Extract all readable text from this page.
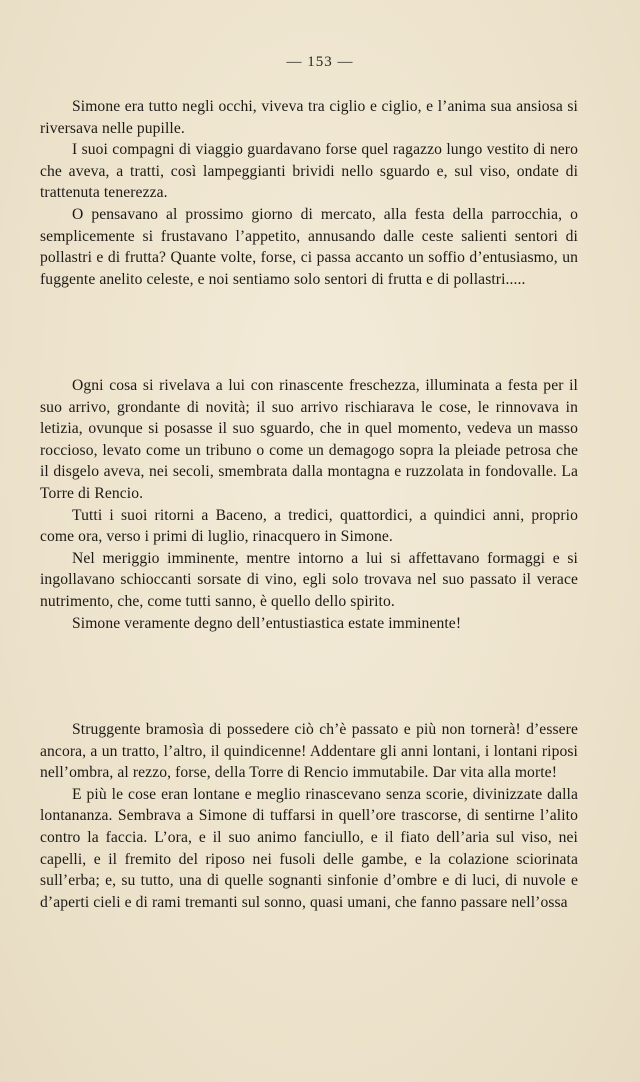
— 153 —

Simone era tutto negli occhi, viveva tra ciglio e ciglio, e l’anima sua ansiosa si riversava nelle pupille.

I suoi compagni di viaggio guardavano forse quel ragazzo lungo vestito di nero che aveva, a tratti, così lampeggianti brividi nello sguardo e, sul viso, ondate di trattenuta tenerezza.

O pensavano al prossimo giorno di mercato, alla festa della parrocchia, o semplicemente si frustavano l’appetito, annusando dalle ceste salienti sentori di pollastri e di frutta? Quante volte, forse, ci passa accanto un soffio d’entusiasmo, un fuggente anelito celeste, e noi sentiamo solo sentori di frutta e di pollastri.....

Ogni cosa si rivelava a lui con rinascente freschezza, illuminata a festa per il suo arrivo, grondante di novità; il suo arrivo rischiarava le cose, le rinnovava in letizia, ovunque si posasse il suo sguardo, che in quel momento, vedeva un masso roccioso, levato come un tribuno o come un demagogo sopra la pleiade petrosa che il disgelo aveva, nei secoli, smembrata dalla montagna e ruzzolata in fondovalle. La Torre di Rencio.

Tutti i suoi ritorni a Baceno, a tredici, quattordici, a quindici anni, proprio come ora, verso i primi di luglio, rinacquero in Simone.

Nel meriggio imminente, mentre intorno a lui si affettavano formaggi e si ingollavano schioccanti sorsate di vino, egli solo trovava nel suo passato il verace nutrimento, che, come tutti sanno, è quello dello spirito.

Simone veramente degno dell’entustiastica estate imminente!

Struggente bramosìa di possedere ciò ch’è passato e più non tornerà! d’essere ancora, a un tratto, l’altro, il quindicenne! Addentare gli anni lontani, i lontani riposi nell’ombra, al rezzo, forse, della Torre di Rencio immutabile. Dar vita alla morte!

E più le cose eran lontane e meglio rinascevano senza scorie, divinizzate dalla lontananza. Sembrava a Simone di tuffarsi in quell’ore trascorse, di sentirne l’alito contro la faccia. L’ora, e il suo animo fanciullo, e il fiato dell’aria sul viso, nei capelli, e il fremito del riposo nei fusoli delle gambe, e la colazione sciorinata sull’erba; e, su tutto, una di quelle sognanti sinfonie d’ombre e di luci, di nuvole e d’aperti cieli e di rami tremanti sul sonno, quasi umani, che fanno passare nell’ossa
